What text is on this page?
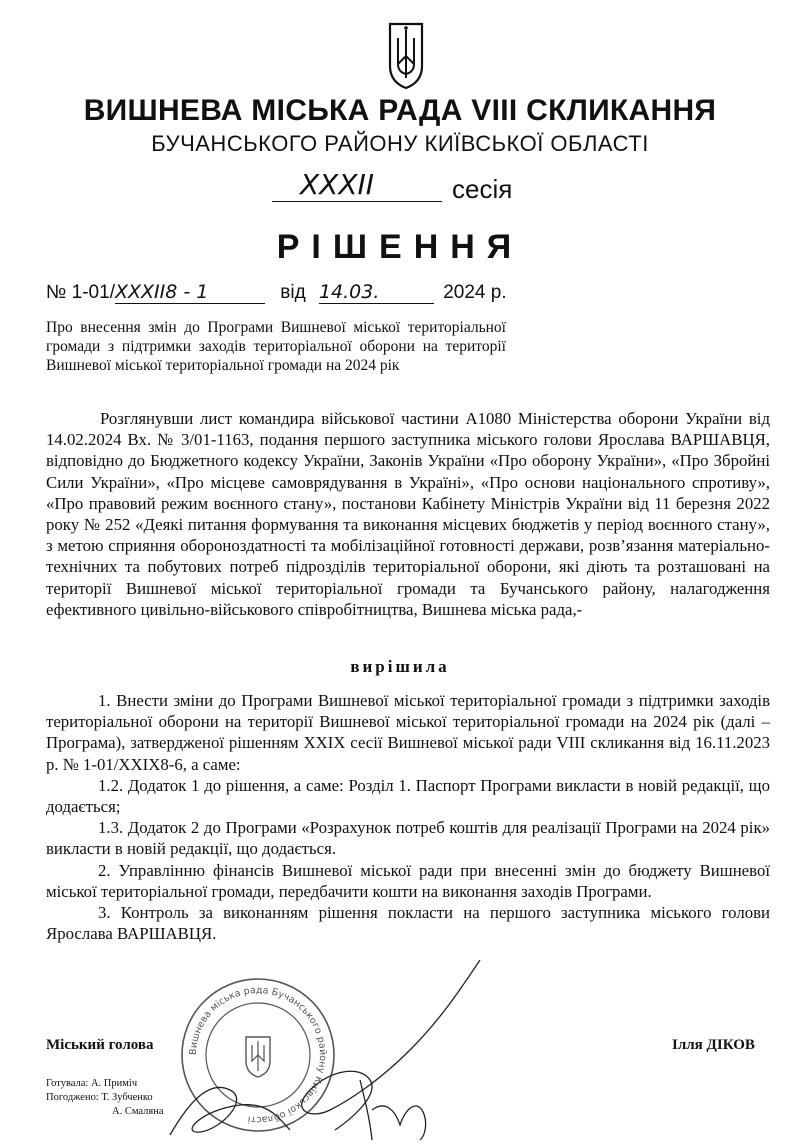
ВИШНЕВА МІСЬКА РАДА VIII СКЛИКАННЯ
БУЧАНСЬКОГО РАЙОНУ КИЇВСЬКОЇ ОБЛАСТІ
XXXII	сесія
РІШЕННЯ
№ 1-01/XXXII8 - 1	від 14.03.	2024 р.
Про внесення змін до Програми Вишневої міської територіальної громади з підтримки заходів територіальної оборони на території Вишневої міської територіальної громади на 2024 рік
Розглянувши лист командира військової частини А1080 Міністерства оборони України від 14.02.2024 Вх. № 3/01-1163, подання першого заступника міського голови Ярослава ВАРШАВЦЯ, відповідно до Бюджетного кодексу України, Законів України «Про оборону України», «Про Збройні Сили України», «Про місцеве самоврядування в Україні», «Про основи національного спротиву», «Про правовий режим воєнного стану», постанови Кабінету Міністрів України від 11 березня 2022 року № 252 «Деякі питання формування та виконання місцевих бюджетів у період воєнного стану», з метою сприяння обороноздатності та мобілізаційної готовності держави, розв’язання матеріально-технічних та побутових потреб підрозділів територіальної оборони, які діють та розташовані на території Вишневої міської територіальної громади та Бучанського району, налагодження ефективного цивільно-військового співробітництва, Вишнева міська рада,-
вирішила
1. Внести зміни до Програми Вишневої міської територіальної громади з підтримки заходів територіальної оборони на території Вишневої міської територіальної громади на 2024 рік (далі – Програма), затвердженої рішенням XXIX сесії Вишневої міської ради VIII скликання від 16.11.2023 р. № 1-01/XXIX8-6, а саме:
1.2. Додаток 1 до рішення, а саме: Розділ 1. Паспорт Програми викласти в новій редакції, що додається;
1.3. Додаток 2 до Програми «Розрахунок потреб коштів для реалізації Програми на 2024 рік» викласти в новій редакції, що додається.
2. Управлінню фінансів Вишневої міської ради при внесенні змін до бюджету Вишневої міської територіальної громади, передбачити кошти на виконання заходів Програми.
3. Контроль за виконанням рішення покласти на першого заступника міського голови Ярослава ВАРШАВЦЯ.
Вишнева міська рада Бучанського району Київської області
Міський голова	Ілля ДІКОВ
Готувала: А. Приміч
Погоджено: Т. Зубченко
А. Смаляна
